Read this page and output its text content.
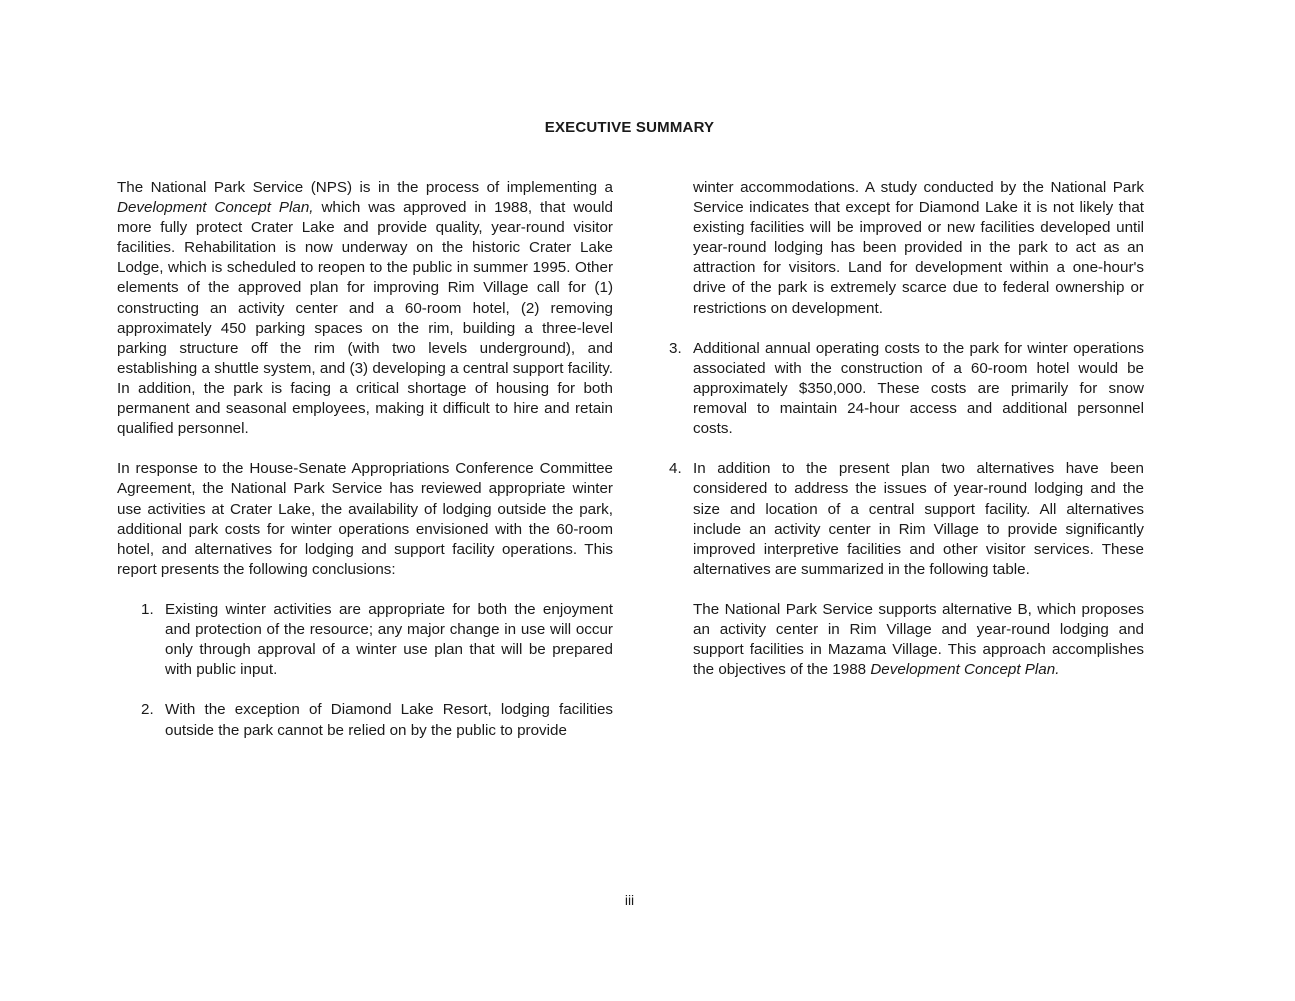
EXECUTIVE SUMMARY

The National Park Service (NPS) is in the process of implementing a Development Concept Plan, which was approved in 1988, that would more fully protect Crater Lake and provide quality, year-round visitor facilities. Rehabilitation is now underway on the historic Crater Lake Lodge, which is scheduled to reopen to the public in summer 1995. Other elements of the approved plan for improving Rim Village call for (1) constructing an activity center and a 60-room hotel, (2) removing approximately 450 parking spaces on the rim, building a three-level parking structure off the rim (with two levels underground), and establishing a shuttle system, and (3) developing a central support facility. In addition, the park is facing a critical shortage of housing for both permanent and seasonal employees, making it difficult to hire and retain qualified personnel.

In response to the House-Senate Appropriations Conference Committee Agreement, the National Park Service has reviewed appropriate winter use activities at Crater Lake, the availability of lodging outside the park, additional park costs for winter operations envisioned with the 60-room hotel, and alternatives for lodging and support facility operations. This report presents the following conclusions:

1. Existing winter activities are appropriate for both the enjoyment and protection of the resource; any major change in use will occur only through approval of a winter use plan that will be prepared with public input.
2. With the exception of Diamond Lake Resort, lodging facilities outside the park cannot be relied on by the public to provide

winter accommodations. A study conducted by the National Park Service indicates that except for Diamond Lake it is not likely that existing facilities will be improved or new facilities developed until year-round lodging has been provided in the park to act as an attraction for visitors. Land for development within a one-hour's drive of the park is extremely scarce due to federal ownership or restrictions on development.

3. Additional annual operating costs to the park for winter operations associated with the construction of a 60-room hotel would be approximately $350,000. These costs are primarily for snow removal to maintain 24-hour access and additional personnel costs.
4. In addition to the present plan two alternatives have been considered to address the issues of year-round lodging and the size and location of a central support facility. All alternatives include an activity center in Rim Village to provide significantly improved interpretive facilities and other visitor services. These alternatives are summarized in the following table.

The National Park Service supports alternative B, which proposes an activity center in Rim Village and year-round lodging and support facilities in Mazama Village. This approach accomplishes the objectives of the 1988 Development Concept Plan.

iii
